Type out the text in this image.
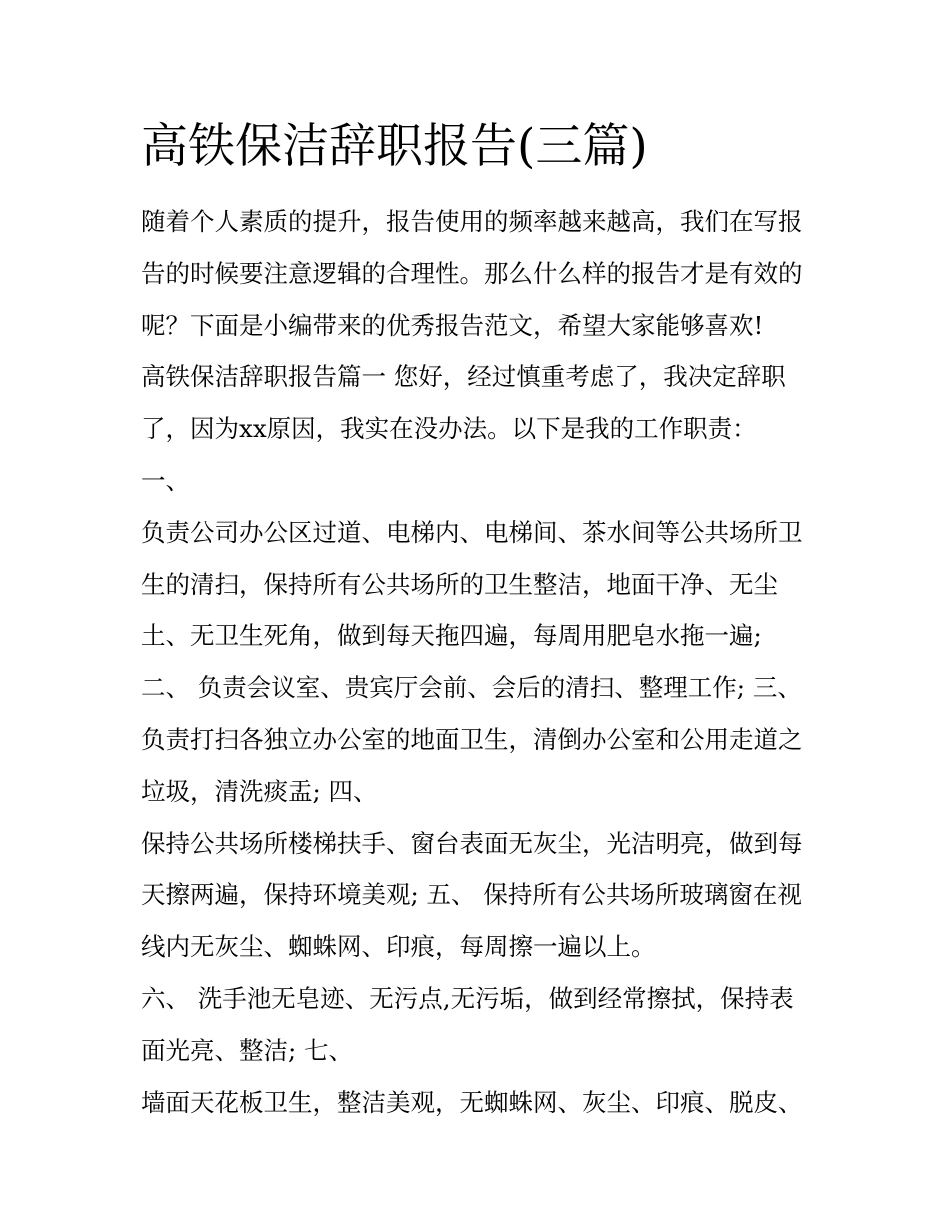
高铁保洁辞职报告(三篇)
随着个人素质的提升，报告使用的频率越来越高，我们在写报
告的时候要注意逻辑的合理性。那么什么样的报告才是有效的
呢？下面是小编带来的优秀报告范文，希望大家能够喜欢!
高铁保洁辞职报告篇一 您好，经过慎重考虑了，我决定辞职
了，因为xx原因，我实在没办法。以下是我的工作职责：
一、
负责公司办公区过道、电梯内、电梯间、茶水间等公共场所卫
生的清扫，保持所有公共场所的卫生整洁，地面干净、无尘
土、无卫生死角，做到每天拖四遍，每周用肥皂水拖一遍;
二、 负责会议室、贵宾厅会前、会后的清扫、整理工作; 三、
负责打扫各独立办公室的地面卫生，清倒办公室和公用走道之
垃圾，清洗痰盂; 四、
保持公共场所楼梯扶手、窗台表面无灰尘，光洁明亮，做到每
天擦两遍，保持环境美观; 五、 保持所有公共场所玻璃窗在视
线内无灰尘、蜘蛛网、印痕，每周擦一遍以上。
六、 洗手池无皂迹、无污点,无污垢，做到经常擦拭，保持表
面光亮、整洁; 七、
墙面天花板卫生，整洁美观，无蜘蛛网、灰尘、印痕、脱皮、
